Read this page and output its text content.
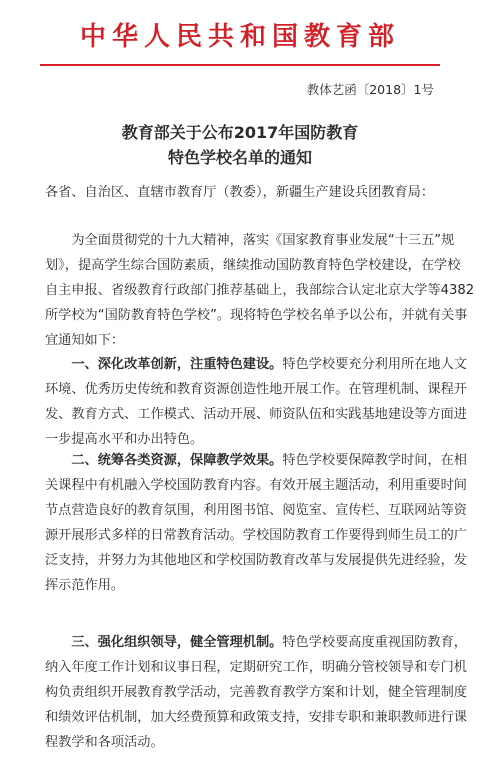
中华人民共和国教育部
教体艺函〔2018〕1号
教育部关于公布2017年国防教育
特色学校名单的通知
各省、自治区、直辖市教育厅（教委），新疆生产建设兵团教育局：
　　为全面贯彻党的十九大精神，落实《国家教育事业发展“十三五”规
划》，提高学生综合国防素质，继续推动国防教育特色学校建设，在学校
自主申报、省级教育行政部门推荐基础上，我部综合认定北京大学等4382
所学校为“国防教育特色学校”。现将特色学校名单予以公布，并就有关事
宜通知如下：
　　一、深化改革创新，注重特色建设。特色学校要充分利用所在地人文
环境、优秀历史传统和教育资源创造性地开展工作。在管理机制、课程开
发、教育方式、工作模式、活动开展、师资队伍和实践基地建设等方面进
一步提高水平和办出特色。
　　二、统筹各类资源，保障教学效果。特色学校要保障教学时间，在相
关课程中有机融入学校国防教育内容。有效开展主题活动，利用重要时间
节点营造良好的教育氛围，利用图书馆、阅览室、宣传栏、互联网站等资
源开展形式多样的日常教育活动。学校国防教育工作要得到师生员工的广
泛支持，并努力为其他地区和学校国防教育改革与发展提供先进经验，发
挥示范作用。
　　三、强化组织领导，健全管理机制。特色学校要高度重视国防教育，
纳入年度工作计划和议事日程，定期研究工作，明确分管校领导和专门机
构负责组织开展教育教学活动，完善教育教学方案和计划，健全管理制度
和绩效评估机制，加大经费预算和政策支持，安排专职和兼职教师进行课
程教学和各项活动。
